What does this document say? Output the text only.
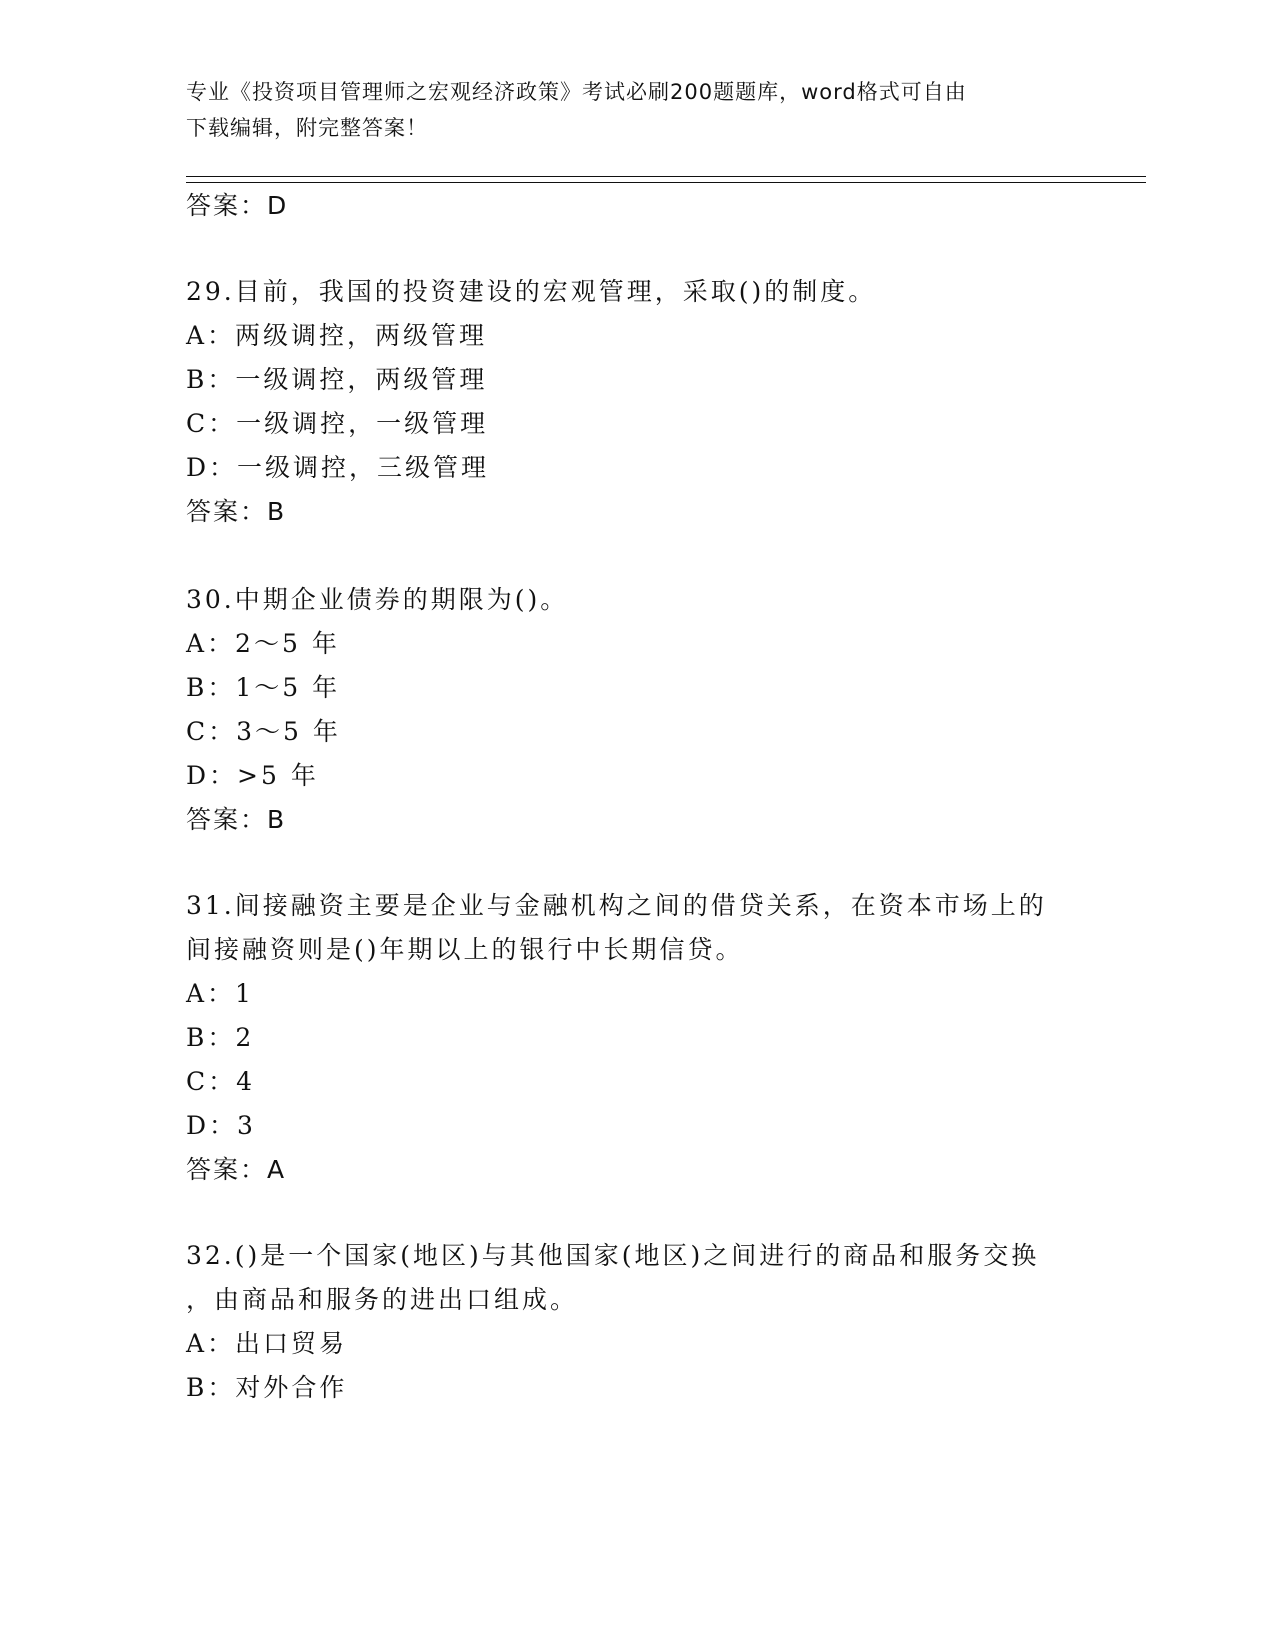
专业《投资项目管理师之宏观经济政策》考试必刷200题题库，word格式可自由
下载编辑，附完整答案！
答案：D
29.目前，我国的投资建设的宏观管理，采取()的制度。
A：两级调控，两级管理
B：一级调控，两级管理
C：一级调控，一级管理
D：一级调控，三级管理
答案：B
30.中期企业债券的期限为()。
A：2～5 年
B：1～5 年
C：3～5 年
D：>5 年
答案：B
31.间接融资主要是企业与金融机构之间的借贷关系，在资本市场上的
间接融资则是()年期以上的银行中长期信贷。
A：1
B：2
C：4
D：3
答案：A
32.()是一个国家(地区)与其他国家(地区)之间进行的商品和服务交换
，由商品和服务的进出口组成。
A：出口贸易
B：对外合作
